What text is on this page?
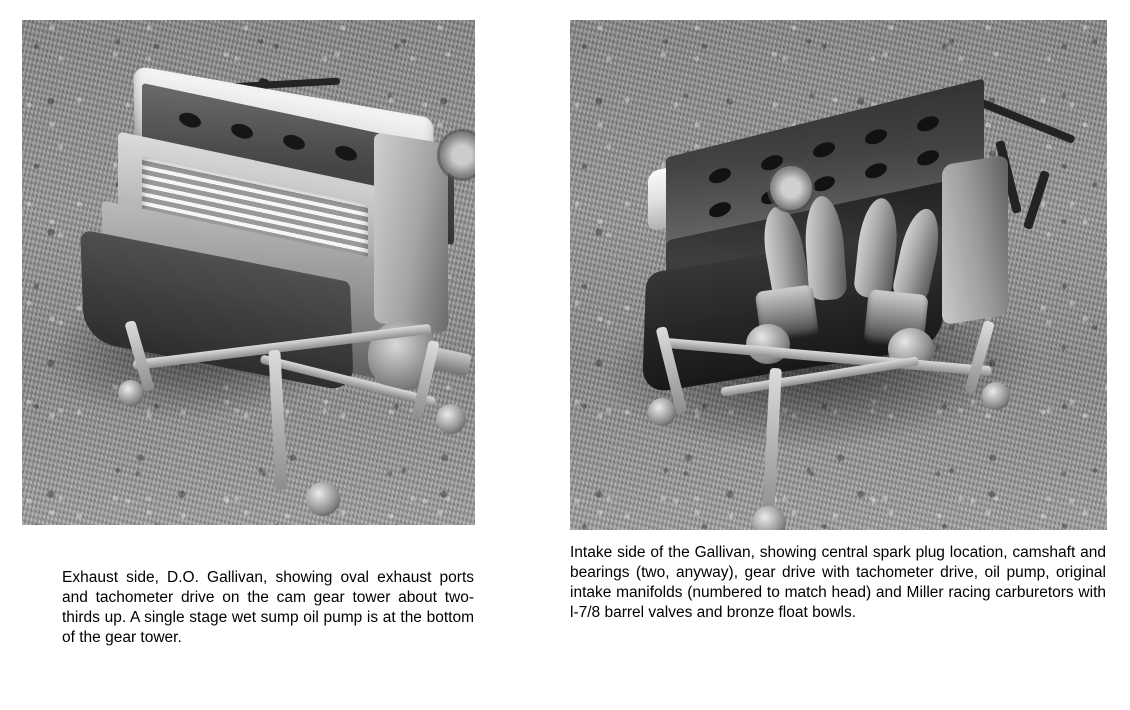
Exhaust side, D.O. Gallivan, showing oval exhaust ports and tachometer drive on the cam gear tower about two-thirds up. A single stage wet sump oil pump is at the bottom of the gear tower.
Intake side of the Gallivan, showing central spark plug location, camshaft and bearings (two, anyway), gear drive with tachometer drive, oil pump, original intake manifolds (numbered to match head) and Miller racing carburetors with l-7/8 barrel valves and bronze float bowls.
